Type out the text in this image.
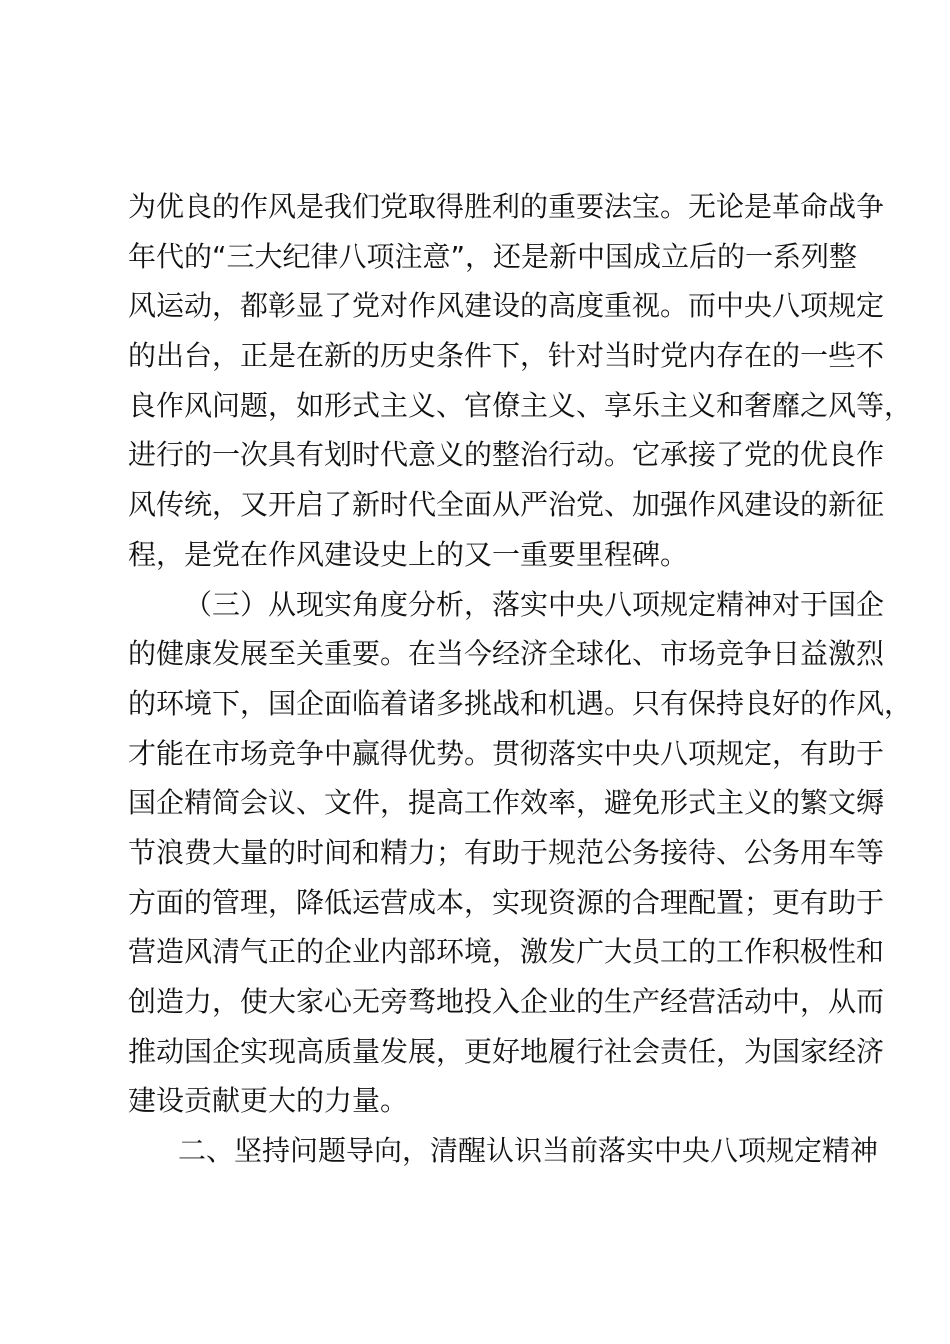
为优良的作风是我们党取得胜利的重要法宝。无论是革命战争
年代的“三大纪律八项注意”，还是新中国成立后的一系列整
风运动，都彰显了党对作风建设的高度重视。而中央八项规定
的出台，正是在新的历史条件下，针对当时党内存在的一些不
良作风问题，如形式主义、官僚主义、享乐主义和奢靡之风等，
进行的一次具有划时代意义的整治行动。它承接了党的优良作
风传统，又开启了新时代全面从严治党、加强作风建设的新征
程，是党在作风建设史上的又一重要里程碑。
（三）从现实角度分析，落实中央八项规定精神对于国企
的健康发展至关重要。在当今经济全球化、市场竞争日益激烈
的环境下，国企面临着诸多挑战和机遇。只有保持良好的作风，
才能在市场竞争中赢得优势。贯彻落实中央八项规定，有助于
国企精简会议、文件，提高工作效率，避免形式主义的繁文缛
节浪费大量的时间和精力；有助于规范公务接待、公务用车等
方面的管理，降低运营成本，实现资源的合理配置；更有助于
营造风清气正的企业内部环境，激发广大员工的工作积极性和
创造力，使大家心无旁骛地投入企业的生产经营活动中，从而
推动国企实现高质量发展，更好地履行社会责任，为国家经济
建设贡献更大的力量。
二、坚持问题导向，清醒认识当前落实中央八项规定精神
